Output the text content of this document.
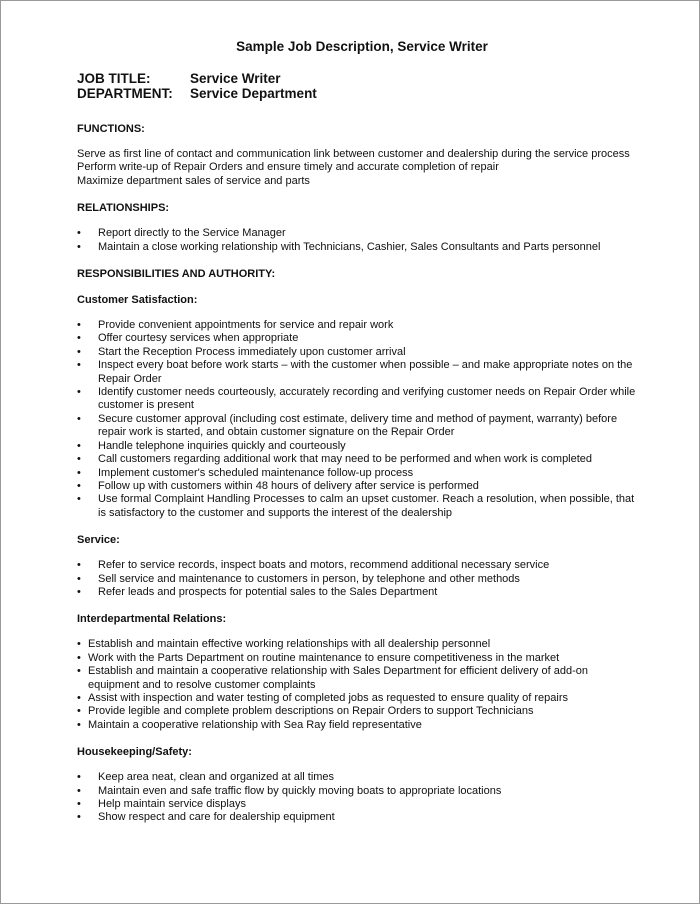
Sample Job Description, Service Writer
JOB TITLE:	Service Writer
DEPARTMENT:	Service Department
FUNCTIONS:

Serve as first line of contact and communication link between customer and dealership during the service process

Perform write-up of Repair Orders and ensure timely and accurate completion of repair

Maximize department sales of service and parts

RELATIONSHIPS:
•	Report directly to the Service Manager
•	Maintain a close working relationship with Technicians, Cashier, Sales Consultants and Parts personnel
RESPONSIBILITIES AND AUTHORITY:
Customer Satisfaction:
•	Provide convenient appointments for service and repair work
•	Offer courtesy services when appropriate
•	Start the Reception Process immediately upon customer arrival
•	Inspect every boat before work starts – with the customer when possible – and make appropriate notes on the Repair Order
•	Identify customer needs courteously, accurately recording and verifying customer needs on Repair Order while customer is present
•	Secure customer approval (including cost estimate, delivery time and method of payment, warranty) before repair work is started, and obtain customer signature on the Repair Order
•	Handle telephone inquiries quickly and courteously
•	Call customers regarding additional work that may need to be performed and when work is completed
•	Implement customer's scheduled maintenance follow-up process
•	Follow up with customers within 48 hours of delivery after service is performed
•	Use formal Complaint Handling Processes to calm an upset customer. Reach a resolution, when possible, that is satisfactory to the customer and supports the interest of the dealership
Service:
•	Refer to service records, inspect boats and motors, recommend additional necessary service
•	Sell service and maintenance to customers in person, by telephone and other methods
•	Refer leads and prospects for potential sales to the Sales Department
Interdepartmental Relations:
• Establish and maintain effective working relationships with all dealership personnel
• Work with the Parts Department on routine maintenance to ensure competitiveness in the market
• Establish and maintain a cooperative relationship with Sales Department for efficient delivery of add-on equipment and to resolve customer complaints
• Assist with inspection and water testing of completed jobs as requested to ensure quality of repairs
• Provide legible and complete problem descriptions on Repair Orders to support Technicians
• Maintain a cooperative relationship with Sea Ray field representative
Housekeeping/Safety:
•	Keep area neat, clean and organized at all times
•	Maintain even and safe traffic flow by quickly moving boats to appropriate locations
•	Help maintain service displays
•	Show respect and care for dealership equipment
